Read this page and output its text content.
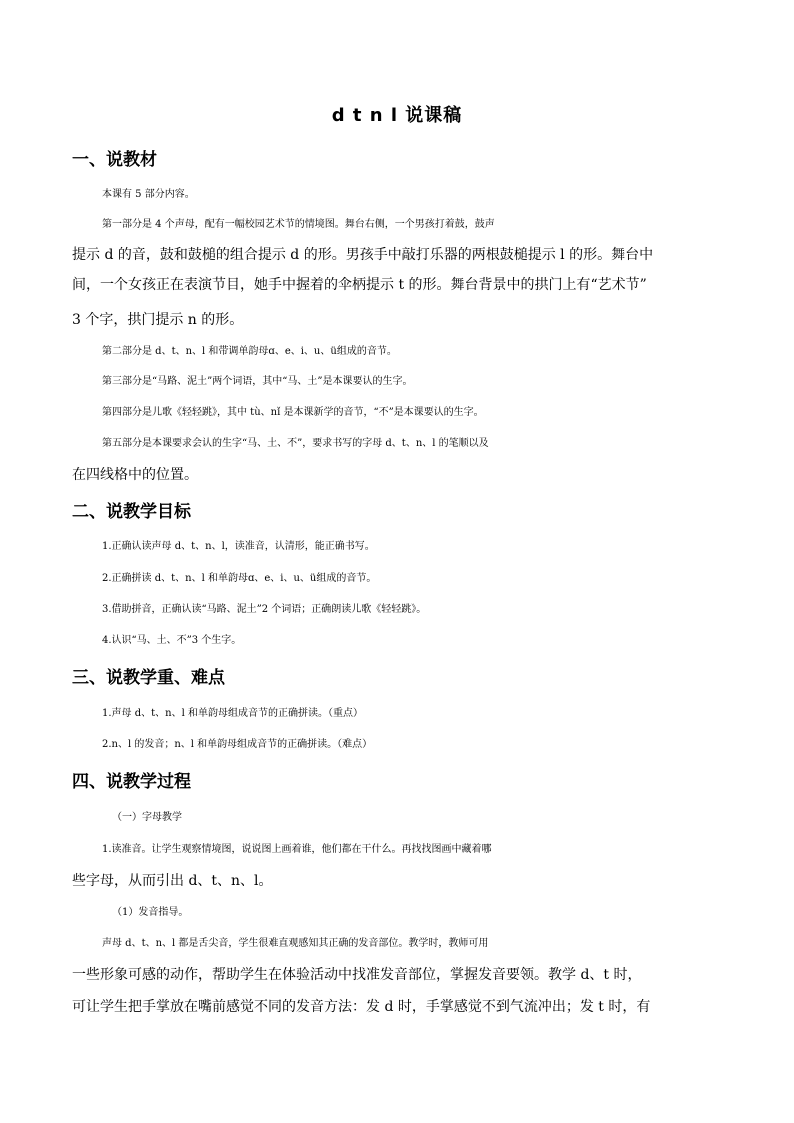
d t n l 说课稿
一、说教材
本课有 5 部分内容。
第一部分是 4 个声母，配有一幅校园艺术节的情境图。舞台右侧，一个男孩打着鼓，鼓声
提示 d 的音，鼓和鼓槌的组合提示 d 的形。男孩手中敲打乐器的两根鼓槌提示 l 的形。舞台中
间，一个女孩正在表演节目，她手中握着的伞柄提示 t 的形。舞台背景中的拱门上有“艺术节”
3 个字，拱门提示 n 的形。
第二部分是 d、t、n、l 和带调单韵母ɑ、e、i、u、ü组成的音节。
第三部分是“马路、泥土”两个词语，其中“马、土”是本课要认的生字。
第四部分是儿歌《轻轻跳》，其中 tù、nǐ 是本课新学的音节，“不”是本课要认的生字。
第五部分是本课要求会认的生字“马、土、不”，要求书写的字母 d、t、n、l 的笔顺以及
在四线格中的位置。
二、说教学目标
1.正确认读声母 d、t、n、l，读准音，认清形，能正确书写。
2.正确拼读 d、t、n、l 和单韵母ɑ、e、i、u、ü组成的音节。
3.借助拼音，正确认读“马路、泥土”2 个词语；正确朗读儿歌《轻轻跳》。
4.认识“马、土、不”3 个生字。
三、说教学重、难点
1.声母 d、t、n、l 和单韵母组成音节的正确拼读。（重点）
2.n、l 的发音；n、l 和单韵母组成音节的正确拼读。（难点）
四、说教学过程
（一）字母教学
1.读准音。让学生观察情境图，说说图上画着谁，他们都在干什么。再找找图画中藏着哪
些字母，从而引出 d、t、n、l。
（1）发音指导。
声母 d、t、n、l 都是舌尖音，学生很难直观感知其正确的发音部位。教学时，教师可用
一些形象可感的动作，帮助学生在体验活动中找准发音部位，掌握发音要领。教学 d、t 时，
可让学生把手掌放在嘴前感觉不同的发音方法：发 d 时，手掌感觉不到气流冲出；发 t 时，有
